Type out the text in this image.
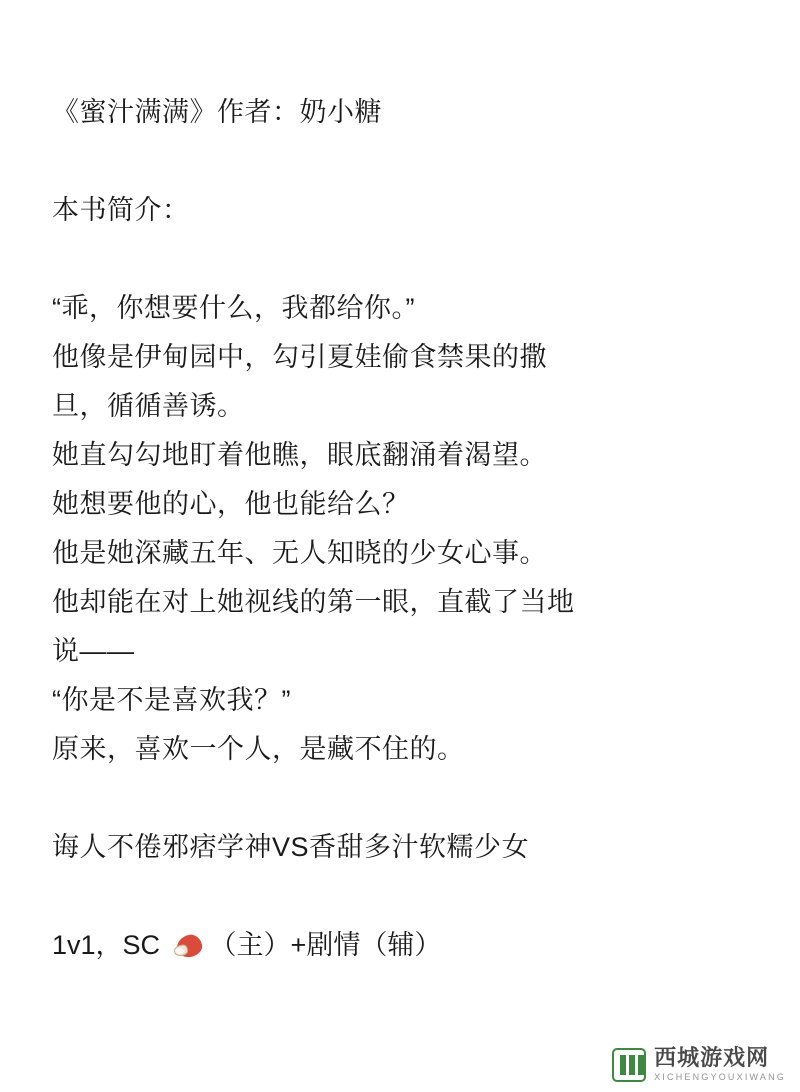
《蜜汁满满》作者：奶小糖
本书简介：
“乖，你想要什么，我都给你。”
他像是伊甸园中，勾引夏娃偷食禁果的撒
旦，循循善诱。
她直勾勾地盯着他瞧，眼底翻涌着渴望。
她想要他的心，他也能给么？
他是她深藏五年、无人知晓的少女心事。
他却能在对上她视线的第一眼，直截了当地
说——
“你是不是喜欢我？”
原来，喜欢一个人，是藏不住的。
诲人不倦邪痞学神VS香甜多汁软糯少女
1v1，SC （主）+剧情（辅）
西城游戏网
XICHENGYOUXIWANG
